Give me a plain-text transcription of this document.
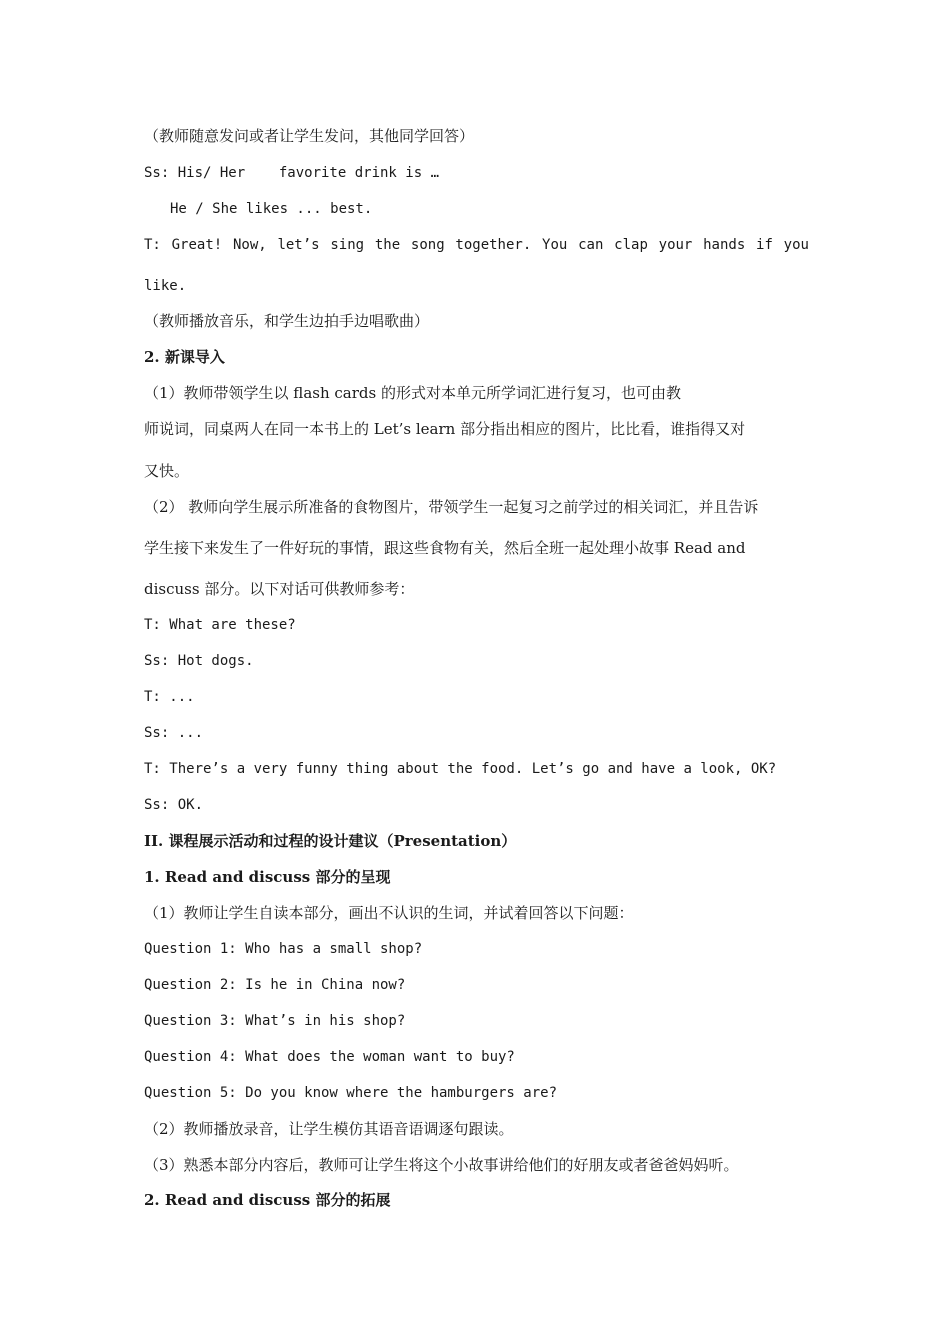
（教师随意发问或者让学生发问，其他同学回答）
Ss: His/ Her    favorite drink is …
He / She likes ... best.
T: Great! Now, let’s sing the song together. You can clap your hands if you
like.
（教师播放音乐，和学生边拍手边唱歌曲）
2. 新课导入
（1）教师带领学生以 flash cards 的形式对本单元所学词汇进行复习，也可由教
师说词，同桌两人在同一本书上的 Let’s learn 部分指出相应的图片，比比看，谁指得又对
又快。
（2） 教师向学生展示所准备的食物图片，带领学生一起复习之前学过的相关词汇，并且告诉
学生接下来发生了一件好玩的事情，跟这些食物有关，然后全班一起处理小故事 Read and
discuss 部分。以下对话可供教师参考：
T: What are these?
Ss: Hot dogs.
T: ...
Ss: ...
T: There’s a very funny thing about the food. Let’s go and have a look, OK?
Ss: OK.
II. 课程展示活动和过程的设计建议（Presentation）
1. Read and discuss 部分的呈现
（1）教师让学生自读本部分，画出不认识的生词，并试着回答以下问题：
Question 1: Who has a small shop?
Question 2: Is he in China now?
Question 3: What’s in his shop?
Question 4: What does the woman want to buy?
Question 5: Do you know where the hamburgers are?
（2）教师播放录音，让学生模仿其语音语调逐句跟读。
（3）熟悉本部分内容后，教师可让学生将这个小故事讲给他们的好朋友或者爸爸妈妈听。
2. Read and discuss 部分的拓展
